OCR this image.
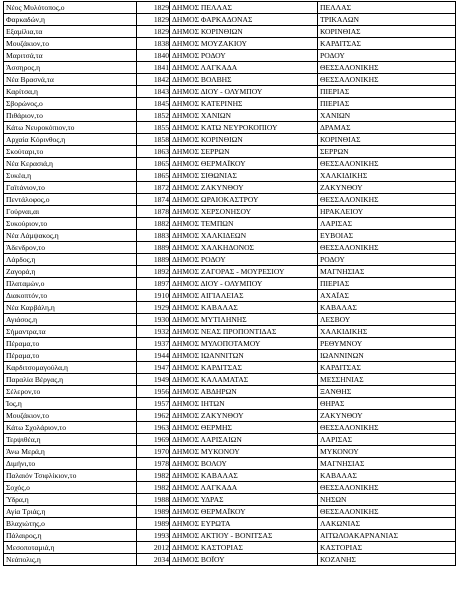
Νέος Μυλότοπος,ο	1829	ΔΗΜΟΣ ΠΕΛΛΑΣ	ΠΕΛΛΑΣ
Φαρκαδών,η	1829	ΔΗΜΟΣ ΦΑΡΚΑΔΟΝΑΣ	ΤΡΙΚΑΛΩΝ
Εξαμίλια,τα	1829	ΔΗΜΟΣ ΚΟΡΙΝΘΙΩΝ	ΚΟΡΙΝΘΙΑΣ
Μουζάκιον,το	1838	ΔΗΜΟΣ ΜΟΥΖΑΚΙΟΥ	ΚΑΡΔΙΤΣΑΣ
Μαριτσά,τα	1840	ΔΗΜΟΣ ΡΟΔΟΥ	ΡΟΔΟΥ
Άσσηρος,η	1841	ΔΗΜΟΣ ΛΑΓΚΑΔΑ	ΘΕΣΣΑΛΟΝΙΚΗΣ
Νέα Βρασνά,τα	1842	ΔΗΜΟΣ ΒΟΛΒΗΣ	ΘΕΣΣΑΛΟΝΙΚΗΣ
Καρίτσα,η	1843	ΔΗΜΟΣ ΔΙΟΥ - ΟΛΥΜΠΟΥ	ΠΙΕΡΙΑΣ
Σβορώνος,ο	1845	ΔΗΜΟΣ ΚΑΤΕΡΙΝΗΣ	ΠΙΕΡΙΑΣ
Πιθάριον,το	1852	ΔΗΜΟΣ ΧΑΝΙΩΝ	ΧΑΝΙΩΝ
Κάτω Νευροκόπιον,το	1855	ΔΗΜΟΣ ΚΑΤΩ ΝΕΥΡΟΚΟΠΙΟΥ	ΔΡΑΜΑΣ
Αρχαία Κόρινθος,η	1858	ΔΗΜΟΣ ΚΟΡΙΝΘΙΩΝ	ΚΟΡΙΝΘΙΑΣ
Σκούταρι,το	1863	ΔΗΜΟΣ ΣΕΡΡΩΝ	ΣΕΡΡΩΝ
Νέα Κερασιά,η	1865	ΔΗΜΟΣ ΘΕΡΜΑΪΚΟΥ	ΘΕΣΣΑΛΟΝΙΚΗΣ
Συκέα,η	1865	ΔΗΜΟΣ ΣΙΘΩΝΙΑΣ	ΧΑΛΚΙΔΙΚΗΣ
Γαϊτάνιον,το	1872	ΔΗΜΟΣ ΖΑΚΥΝΘΟΥ	ΖΑΚΥΝΘΟΥ
Πεντάλοφος,ο	1874	ΔΗΜΟΣ ΩΡΑΙΟΚΑΣΤΡΟΥ	ΘΕΣΣΑΛΟΝΙΚΗΣ
Γούρναι,αι	1878	ΔΗΜΟΣ ΧΕΡΣΟΝΗΣΟΥ	ΗΡΑΚΛΕΙΟΥ
Συκούριον,το	1882	ΔΗΜΟΣ ΤΕΜΠΩΝ	ΛΑΡΙΣΑΣ
Νέα Λάμψακος,η	1883	ΔΗΜΟΣ ΧΑΛΚΙΔΕΩΝ	ΕΥΒΟΙΑΣ
Άδενδρον,το	1889	ΔΗΜΟΣ ΧΑΛΚΗΔΟΝΟΣ	ΘΕΣΣΑΛΟΝΙΚΗΣ
Λάρδος,η	1889	ΔΗΜΟΣ ΡΟΔΟΥ	ΡΟΔΟΥ
Ζαγορά,η	1892	ΔΗΜΟΣ ΖΑΓΟΡΑΣ - ΜΟΥΡΕΣΙΟΥ	ΜΑΓΝΗΣΙΑΣ
Πλαταμών,ο	1897	ΔΗΜΟΣ ΔΙΟΥ - ΟΛΥΜΠΟΥ	ΠΙΕΡΙΑΣ
Διακοπτόν,το	1910	ΔΗΜΟΣ ΑΙΓΙΑΛΕΙΑΣ	ΑΧΑΪΑΣ
Νέα Καρβάλη,η	1929	ΔΗΜΟΣ ΚΑΒΑΛΑΣ	ΚΑΒΑΛΑΣ
Αγιάσος,η	1930	ΔΗΜΟΣ ΜΥΤΙΛΗΝΗΣ	ΛΕΣΒΟΥ
Σήμαντρα,τα	1932	ΔΗΜΟΣ ΝΕΑΣ ΠΡΟΠΟΝΤΙΔΑΣ	ΧΑΛΚΙΔΙΚΗΣ
Πέραμα,το	1937	ΔΗΜΟΣ ΜΥΛΟΠΟΤΑΜΟΥ	ΡΕΘΥΜΝΟΥ
Πέραμα,το	1944	ΔΗΜΟΣ ΙΩΑΝΝΙΤΩΝ	ΙΩΑΝΝΙΝΩΝ
Καρδιτσομαγούλα,η	1947	ΔΗΜΟΣ ΚΑΡΔΙΤΣΑΣ	ΚΑΡΔΙΤΣΑΣ
Παραλία Βέργας,η	1949	ΔΗΜΟΣ ΚΑΛΑΜΑΤΑΣ	ΜΕΣΣΗΝΙΑΣ
Σέλερον,το	1956	ΔΗΜΟΣ ΑΒΔΗΡΩΝ	ΞΑΝΘΗΣ
Ίος,η	1957	ΔΗΜΟΣ ΙΗΤΩΝ	ΘΗΡΑΣ
Μουζάκιον,το	1962	ΔΗΜΟΣ ΖΑΚΥΝΘΟΥ	ΖΑΚΥΝΘΟΥ
Κάτω Σχολάριον,το	1963	ΔΗΜΟΣ ΘΕΡΜΗΣ	ΘΕΣΣΑΛΟΝΙΚΗΣ
Τερψιθέα,η	1969	ΔΗΜΟΣ ΛΑΡΙΣΑΙΩΝ	ΛΑΡΙΣΑΣ
Άνω Μερά,η	1970	ΔΗΜΟΣ ΜΥΚΟΝΟΥ	ΜΥΚΟΝΟΥ
Διμήνι,το	1978	ΔΗΜΟΣ ΒΟΛΟΥ	ΜΑΓΝΗΣΙΑΣ
Παλαιόν Τσιφλίκιον,το	1982	ΔΗΜΟΣ ΚΑΒΑΛΑΣ	ΚΑΒΑΛΑΣ
Σοχός,ο	1982	ΔΗΜΟΣ ΛΑΓΚΑΔΑ	ΘΕΣΣΑΛΟΝΙΚΗΣ
Ύδρα,η	1988	ΔΗΜΟΣ ΥΔΡΑΣ	ΝΗΣΩΝ
Αγία Τριάς,η	1989	ΔΗΜΟΣ ΘΕΡΜΑΪΚΟΥ	ΘΕΣΣΑΛΟΝΙΚΗΣ
Βλαχιώτης,ο	1989	ΔΗΜΟΣ ΕΥΡΩΤΑ	ΛΑΚΩΝΙΑΣ
Πάλαιρος,η	1993	ΔΗΜΟΣ ΑΚΤΙΟΥ - ΒΟΝΙΤΣΑΣ	ΑΙΤΩΛΟΑΚΑΡΝΑΝΙΑΣ
Μεσοποταμιά,η	2012	ΔΗΜΟΣ ΚΑΣΤΟΡΙΑΣ	ΚΑΣΤΟΡΙΑΣ
Νεάπολις,η	2034	ΔΗΜΟΣ ΒΟΪΟΥ	ΚΟΖΑΝΗΣ
